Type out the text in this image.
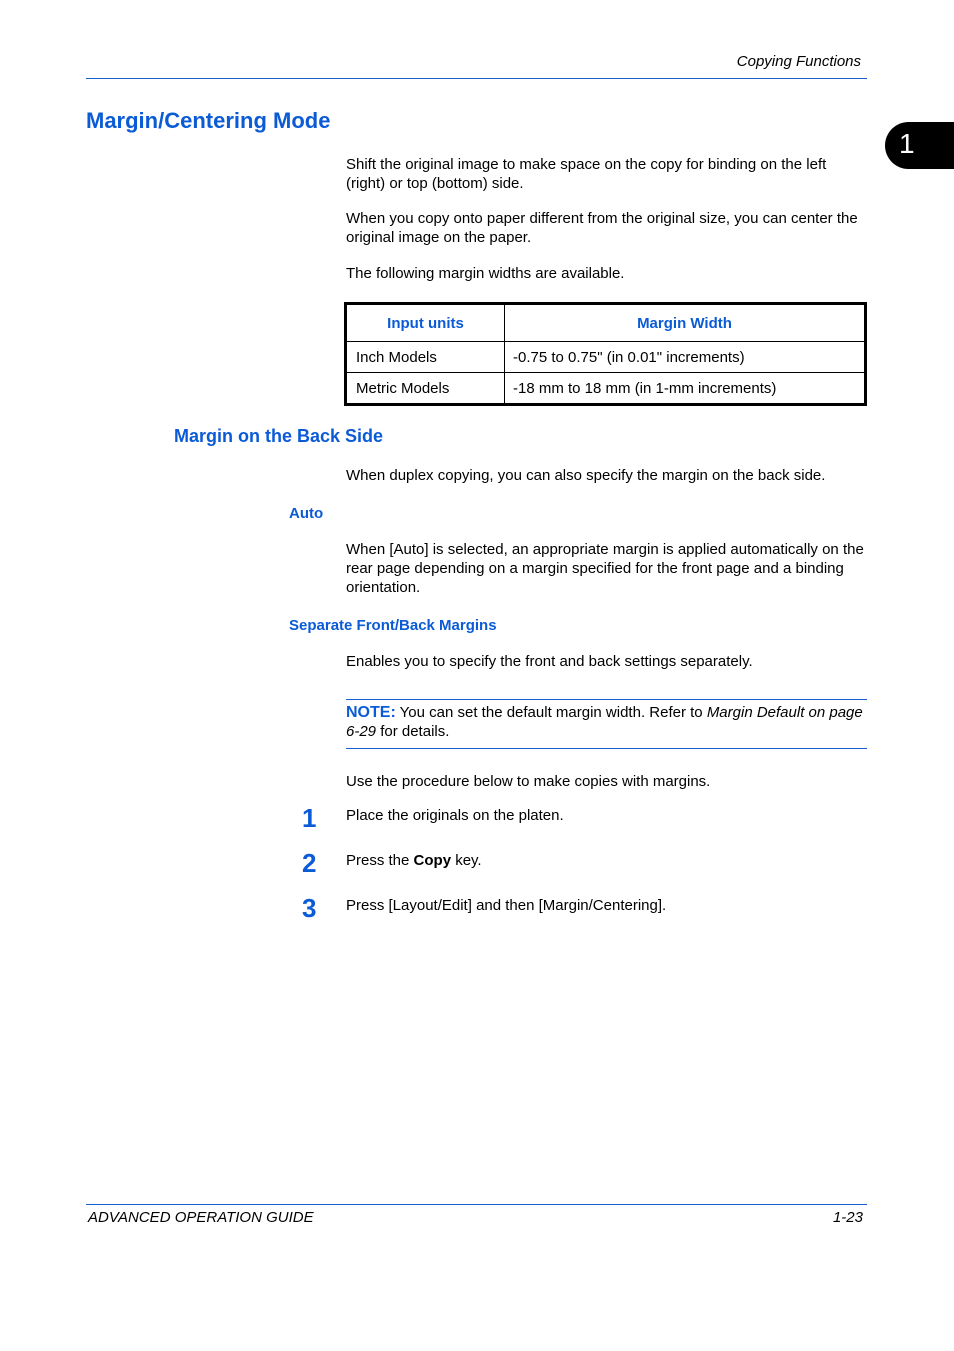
Copying Functions
1
Margin/Centering Mode
Shift the original image to make space on the copy for binding on the left (right) or top (bottom) side.
When you copy onto paper different from the original size, you can center the original image on the paper.
The following margin widths are available.
Input units	Margin Width
Inch Models	-0.75 to 0.75" (in 0.01" increments)
Metric Models	-18 mm to 18 mm (in 1-mm increments)
Margin on the Back Side
When duplex copying, you can also specify the margin on the back side.
Auto
When [Auto] is selected, an appropriate margin is applied automatically on the rear page depending on a margin specified for the front page and a binding orientation.
Separate Front/Back Margins
Enables you to specify the front and back settings separately.
NOTE: You can set the default margin width. Refer to Margin Default on page 6-29 for details.
Use the procedure below to make copies with margins.
1 Place the originals on the platen.
2 Press the Copy key.
3 Press [Layout/Edit] and then [Margin/Centering].
ADVANCED OPERATION GUIDE	1-23
